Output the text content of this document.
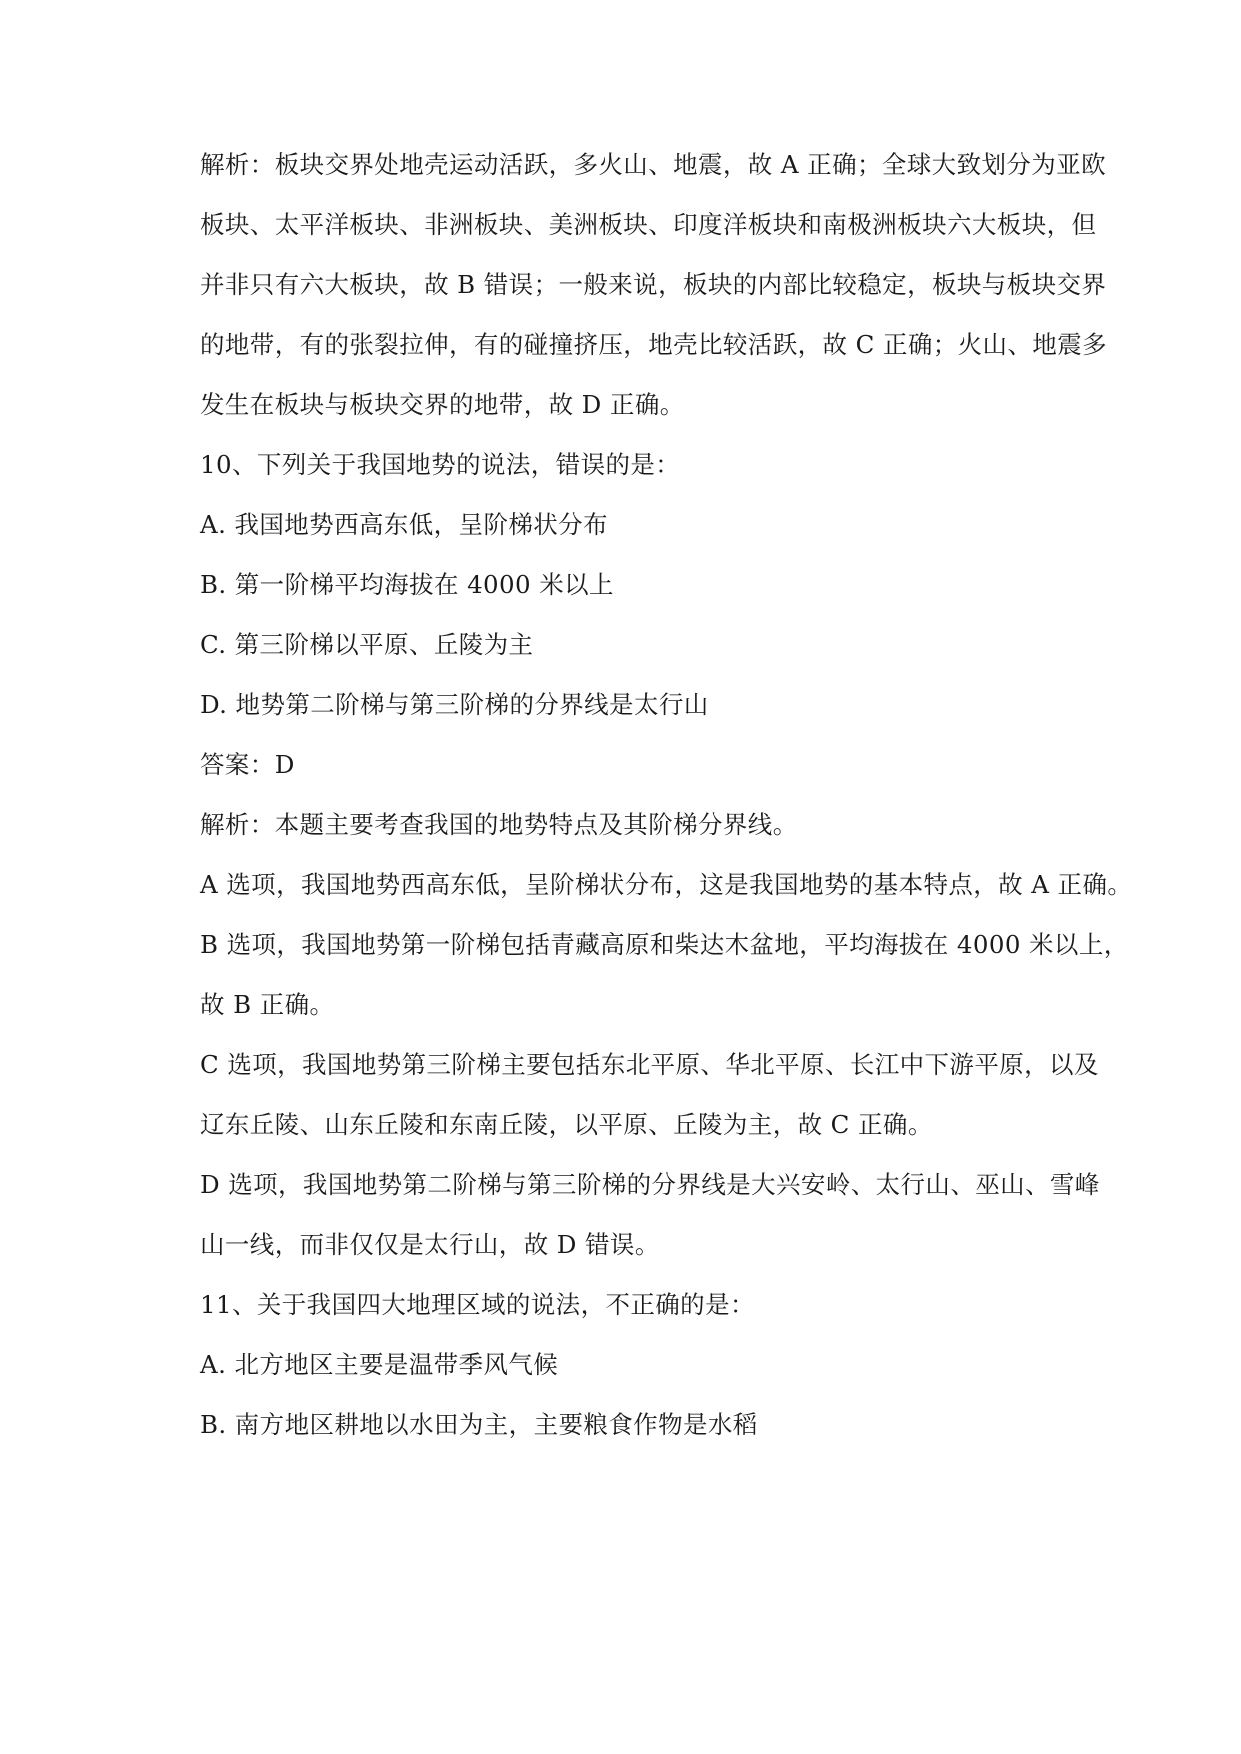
解析：板块交界处地壳运动活跃，多火山、地震，故 A 正确；全球大致划分为亚欧
板块、太平洋板块、非洲板块、美洲板块、印度洋板块和南极洲板块六大板块，但
并非只有六大板块，故 B 错误；一般来说，板块的内部比较稳定，板块与板块交界
的地带，有的张裂拉伸，有的碰撞挤压，地壳比较活跃，故 C 正确；火山、地震多
发生在板块与板块交界的地带，故 D 正确。
10、下列关于我国地势的说法，错误的是：
A. 我国地势西高东低，呈阶梯状分布
B. 第一阶梯平均海拔在 4000 米以上
C. 第三阶梯以平原、丘陵为主
D. 地势第二阶梯与第三阶梯的分界线是太行山
答案：D
解析：本题主要考查我国的地势特点及其阶梯分界线。
A 选项，我国地势西高东低，呈阶梯状分布，这是我国地势的基本特点，故 A 正确。
B 选项，我国地势第一阶梯包括青藏高原和柴达木盆地，平均海拔在 4000 米以上，
故 B 正确。
C 选项，我国地势第三阶梯主要包括东北平原、华北平原、长江中下游平原，以及
辽东丘陵、山东丘陵和东南丘陵，以平原、丘陵为主，故 C 正确。
D 选项，我国地势第二阶梯与第三阶梯的分界线是大兴安岭、太行山、巫山、雪峰
山一线，而非仅仅是太行山，故 D 错误。
11、关于我国四大地理区域的说法，不正确的是：
A. 北方地区主要是温带季风气候
B. 南方地区耕地以水田为主，主要粮食作物是水稻
